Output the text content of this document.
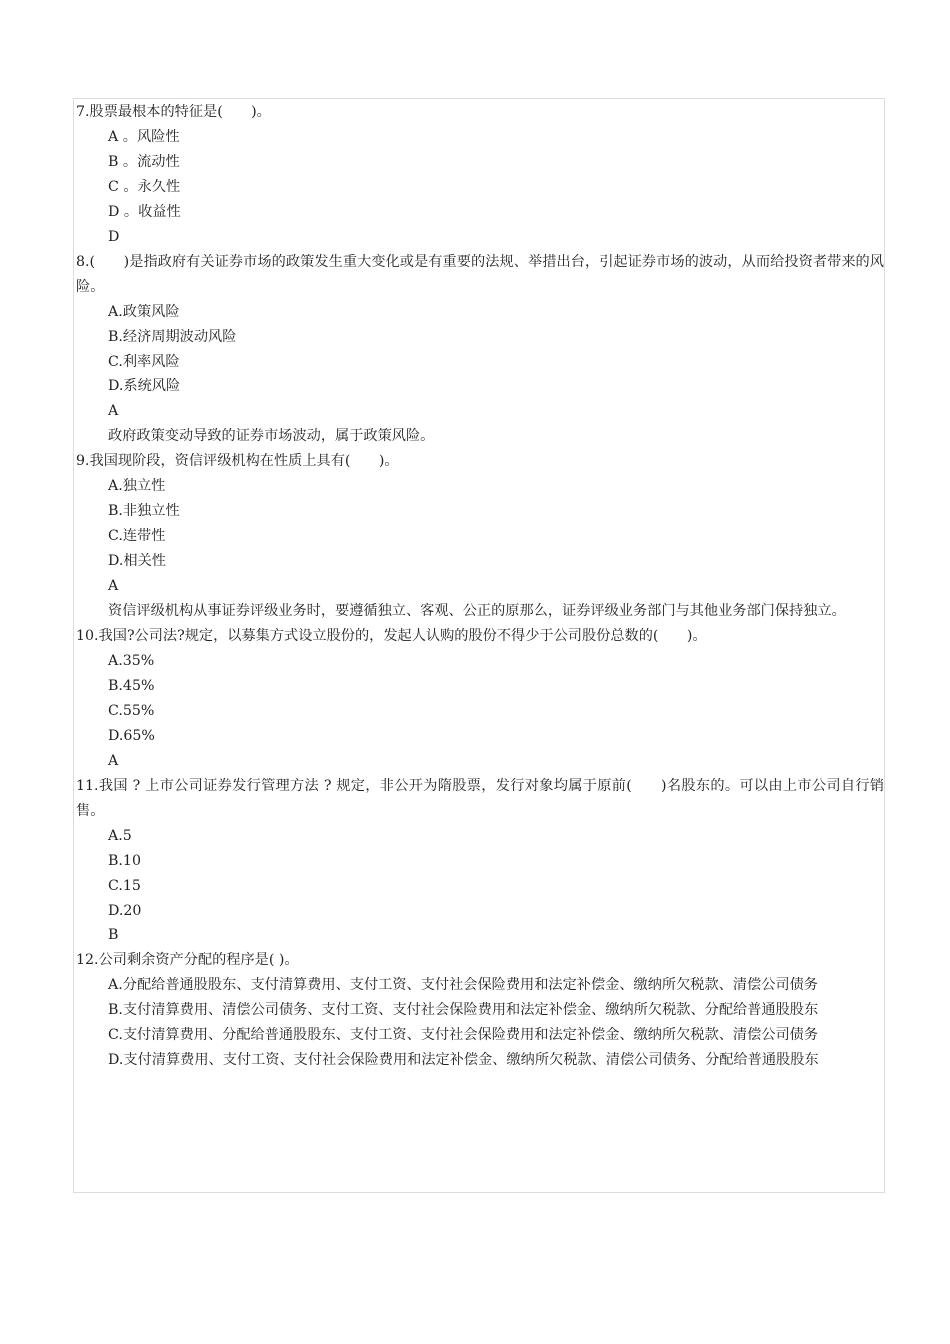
7.股票最根本的特征是(　　)。
A 。风险性
B 。流动性
C 。永久性
D 。收益性
D
8.(　　)是指政府有关证券市场的政策发生重大变化或是有重要的法规、举措出台，引起证券市场的波动，从而给投资者带来的风险。
A.政策风险
B.经济周期波动风险
C.利率风险
D.系统风险
A
政府政策变动导致的证券市场波动，属于政策风险。
9.我国现阶段，资信评级机构在性质上具有(　　)。
A.独立性
B.非独立性
C.连带性
D.相关性
A
资信评级机构从事证券评级业务时，要遵循独立、客观、公正的原那么，证券评级业务部门与其他业务部门保持独立。
10.我国?公司法?规定，以募集方式设立股份的，发起人认购的股份不得少于公司股份总数的(　　)。
A.35%
B.45%
C.55%
D.65%
A
11.我国 ? 上市公司证券发行管理方法 ? 规定，非公开为隋股票，发行对象均属于原前(　　)名股东的。可以由上市公司自行销售。
A.5
B.10
C.15
D.20
B
12.公司剩余资产分配的程序是( )。
A.分配给普通股股东、支付清算费用、支付工资、支付社会保险费用和法定补偿金、缴纳所欠税款、清偿公司债务
B.支付清算费用、清偿公司债务、支付工资、支付社会保险费用和法定补偿金、缴纳所欠税款、分配给普通股股东
C.支付清算费用、分配给普通股股东、支付工资、支付社会保险费用和法定补偿金、缴纳所欠税款、清偿公司债务
D.支付清算费用、支付工资、支付社会保险费用和法定补偿金、缴纳所欠税款、清偿公司债务、分配给普通股股东
